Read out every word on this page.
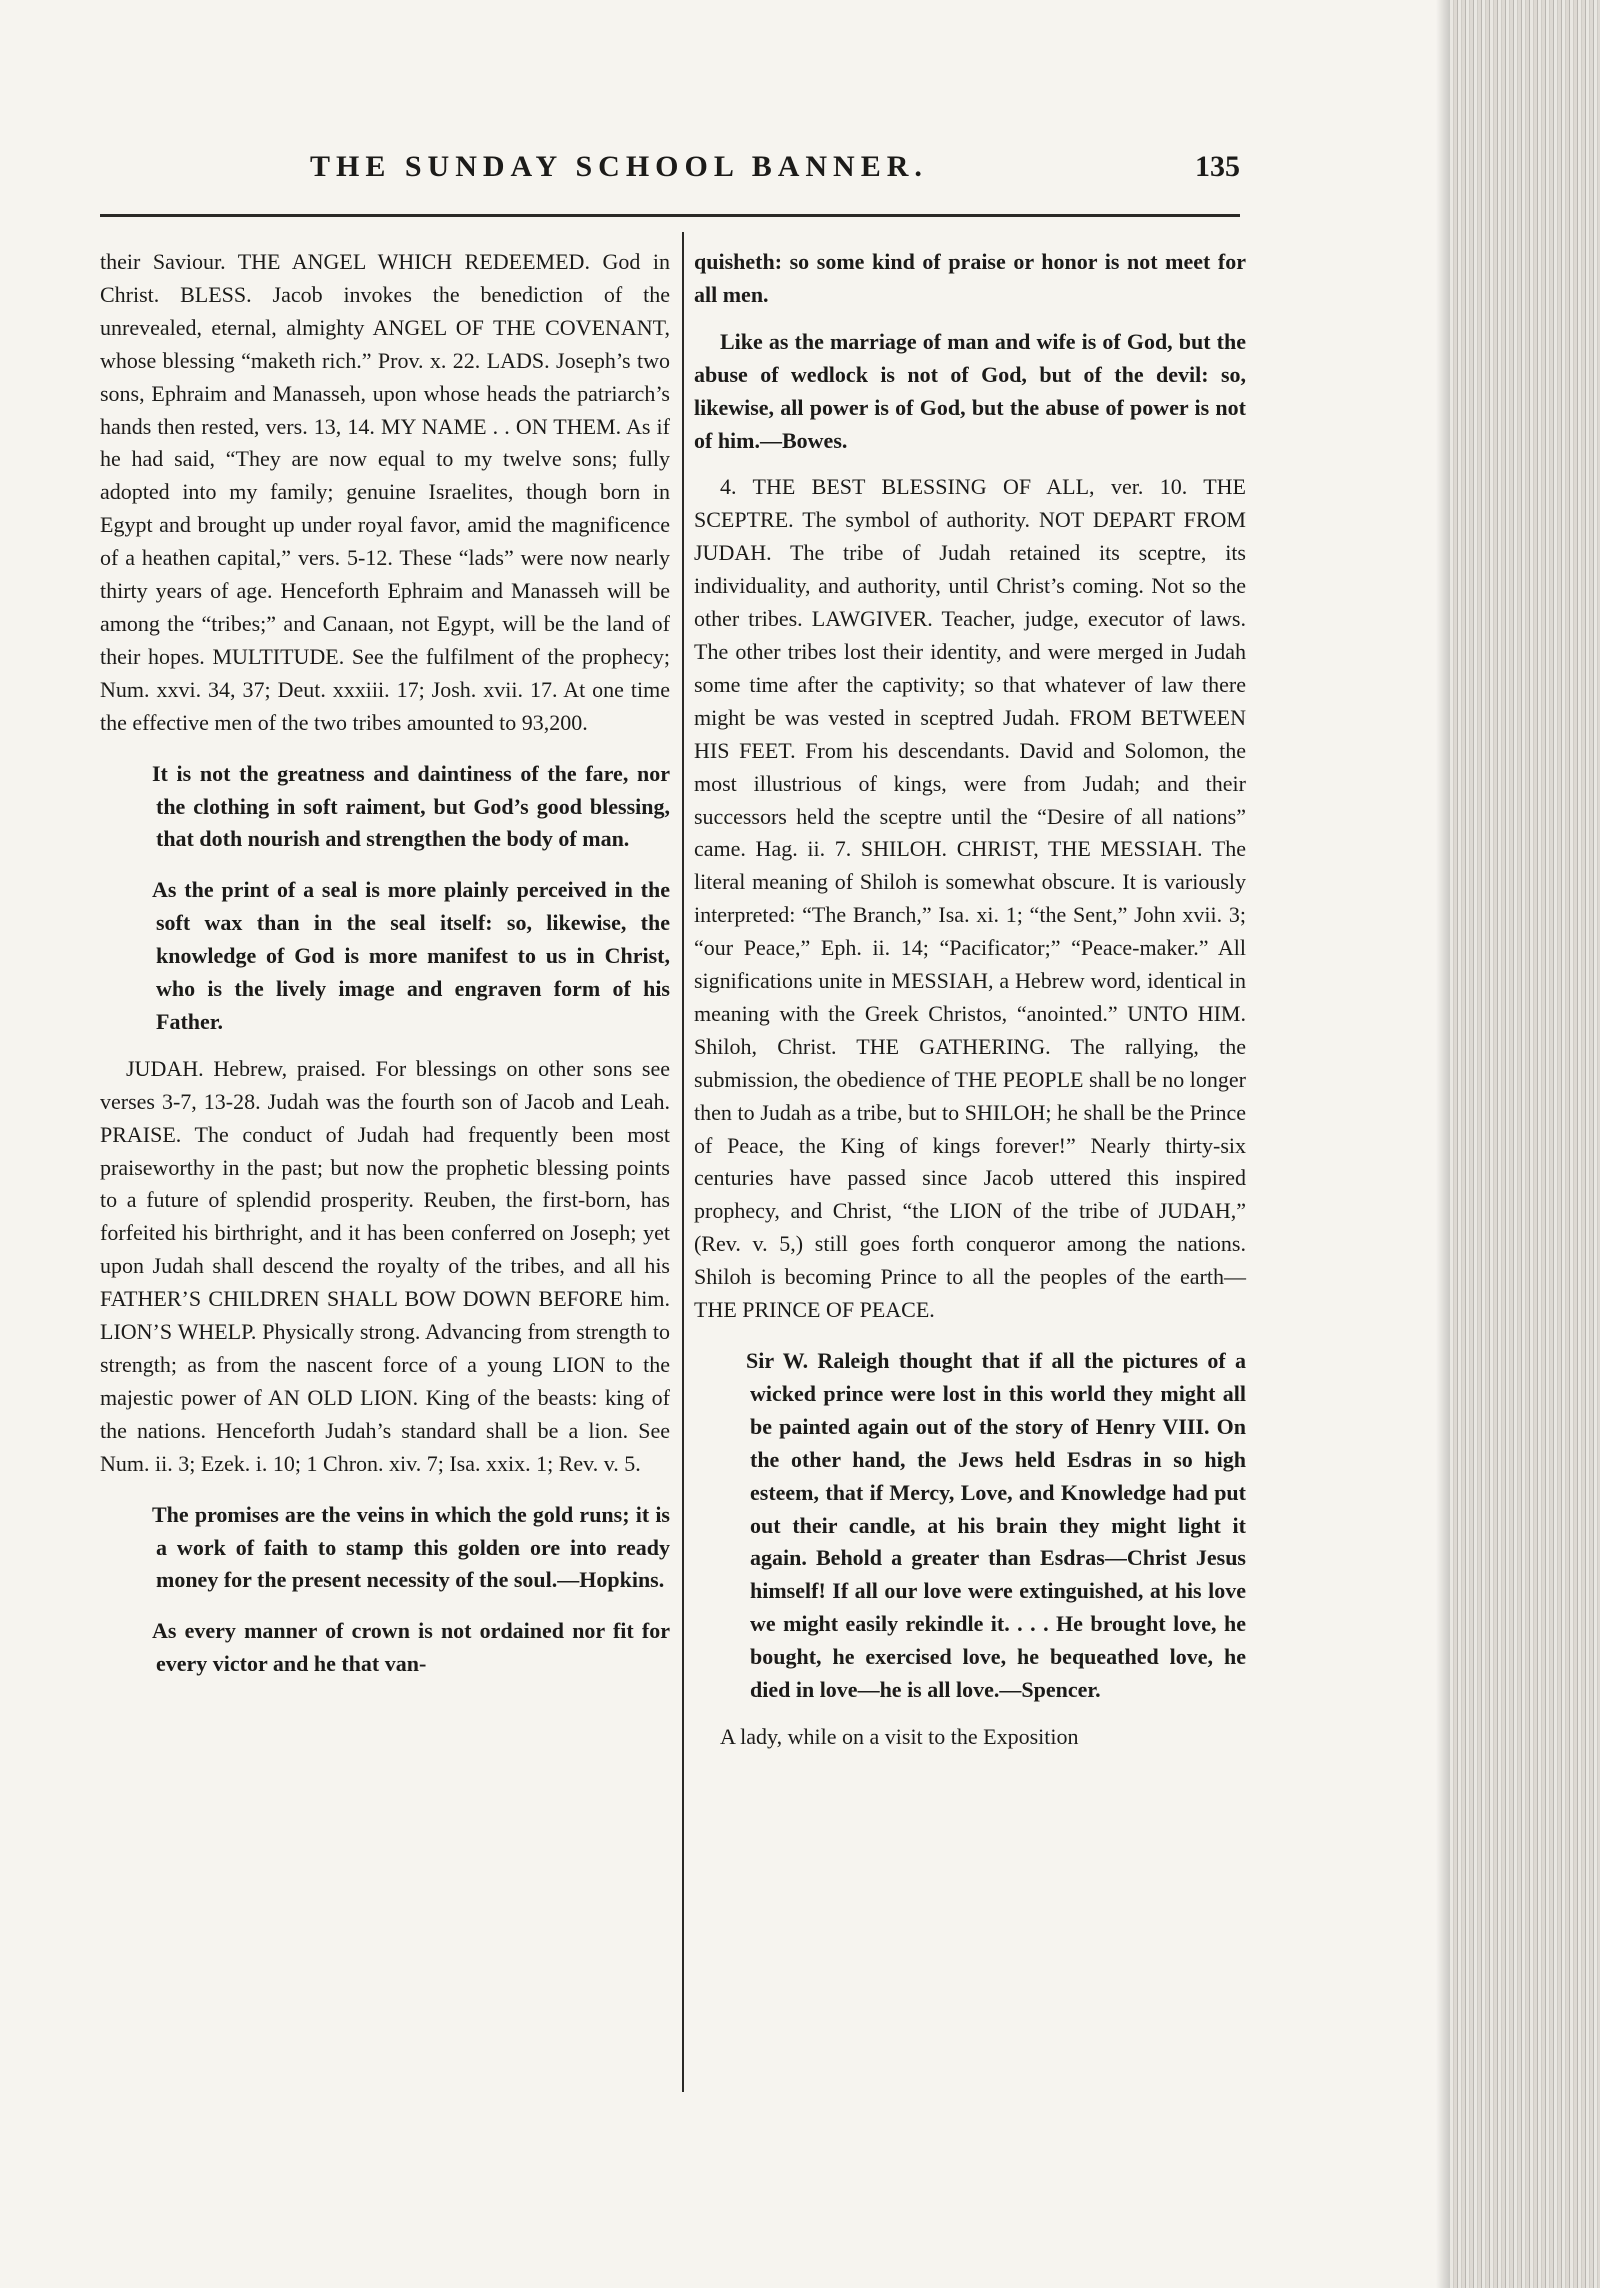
THE SUNDAY SCHOOL BANNER.	135

their Saviour. THE ANGEL WHICH REDEEMED. God in Christ. BLESS. Jacob invokes the benediction of the unrevealed, eternal, almighty ANGEL OF THE COVENANT, whose blessing “maketh rich.” Prov. x. 22. LADS. Joseph’s two sons, Ephraim and Manasseh, upon whose heads the patriarch’s hands then rested, vers. 13, 14. MY NAME . . ON THEM. As if he had said, “They are now equal to my twelve sons; fully adopted into my family; genuine Israelites, though born in Egypt and brought up under royal favor, amid the magnificence of a heathen capital,” vers. 5-12. These “lads” were now nearly thirty years of age. Henceforth Ephraim and Manasseh will be among the “tribes;” and Canaan, not Egypt, will be the land of their hopes. MULTITUDE. See the fulfilment of the prophecy; Num. xxvi. 34, 37; Deut. xxxiii. 17; Josh. xvii. 17. At one time the effective men of the two tribes amounted to 93,200.

It is not the greatness and daintiness of the fare, nor the clothing in soft raiment, but God’s good blessing, that doth nourish and strengthen the body of man.

As the print of a seal is more plainly perceived in the soft wax than in the seal itself: so, likewise, the knowledge of God is more manifest to us in Christ, who is the lively image and engraven form of his Father.

JUDAH. Hebrew, praised. For blessings on other sons see verses 3-7, 13-28. Judah was the fourth son of Jacob and Leah. PRAISE. The conduct of Judah had frequently been most praiseworthy in the past; but now the prophetic blessing points to a future of splendid prosperity. Reuben, the first-born, has forfeited his birthright, and it has been conferred on Joseph; yet upon Judah shall descend the royalty of the tribes, and all his FATHER’S CHILDREN SHALL BOW DOWN BEFORE him. LION’S WHELP. Physically strong. Advancing from strength to strength; as from the nascent force of a young LION to the majestic power of AN OLD LION. King of the beasts: king of the nations. Henceforth Judah’s standard shall be a lion. See Num. ii. 3; Ezek. i. 10; 1 Chron. xiv. 7; Isa. xxix. 1; Rev. v. 5.

The promises are the veins in which the gold runs; it is a work of faith to stamp this golden ore into ready money for the present necessity of the soul.—Hopkins.

As every manner of crown is not ordained nor fit for every victor and he that van-

quisheth: so some kind of praise or honor is not meet for all men.

Like as the marriage of man and wife is of God, but the abuse of wedlock is not of God, but of the devil: so, likewise, all power is of God, but the abuse of power is not of him.—Bowes.

4. THE BEST BLESSING OF ALL, ver. 10. THE SCEPTRE. The symbol of authority. NOT DEPART FROM JUDAH. The tribe of Judah retained its sceptre, its individuality, and authority, until Christ’s coming. Not so the other tribes. LAWGIVER. Teacher, judge, executor of laws. The other tribes lost their identity, and were merged in Judah some time after the captivity; so that whatever of law there might be was vested in sceptred Judah. FROM BETWEEN HIS FEET. From his descendants. David and Solomon, the most illustrious of kings, were from Judah; and their successors held the sceptre until the “Desire of all nations” came. Hag. ii. 7. SHILOH. CHRIST, THE MESSIAH. The literal meaning of Shiloh is somewhat obscure. It is variously interpreted: “The Branch,” Isa. xi. 1; “the Sent,” John xvii. 3; “our Peace,” Eph. ii. 14; “Pacificator;” “Peace-maker.” All significations unite in MESSIAH, a Hebrew word, identical in meaning with the Greek Christos, “anointed.” UNTO HIM. Shiloh, Christ. THE GATHERING. The rallying, the submission, the obedience of THE PEOPLE shall be no longer then to Judah as a tribe, but to SHILOH; he shall be the Prince of Peace, the King of kings forever!” Nearly thirty-six centuries have passed since Jacob uttered this inspired prophecy, and Christ, “the LION of the tribe of JUDAH,” (Rev. v. 5,) still goes forth conqueror among the nations. Shiloh is becoming Prince to all the peoples of the earth—THE PRINCE OF PEACE.

Sir W. Raleigh thought that if all the pictures of a wicked prince were lost in this world they might all be painted again out of the story of Henry VIII. On the other hand, the Jews held Esdras in so high esteem, that if Mercy, Love, and Knowledge had put out their candle, at his brain they might light it again. Behold a greater than Esdras—Christ Jesus himself! If all our love were extinguished, at his love we might easily rekindle it. . . . He brought love, he bought, he exercised love, he bequeathed love, he died in love—he is all love.—Spencer.

A lady, while on a visit to the Exposition
